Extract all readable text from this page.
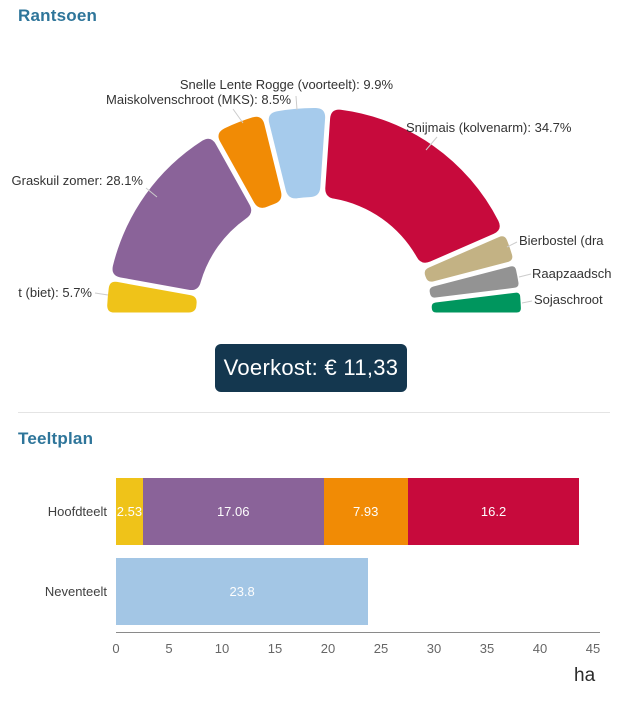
Rantsoen
t (biet): 5.7%
Graskuil zomer: 28.1%
Maiskolvenschroot (MKS): 8.5%
Snelle Lente Rogge (voorteelt): 9.9%
Snijmais (kolvenarm): 34.7%
Bierbostel (dra
Raapzaadsch
Sojaschroot
Voerkost: € 11,33
Teeltplan
Hoofdteelt 2.53	17.06	7.93	16.2
Neventeelt	23.8
0	5	10	15	20	25	30	35	40	45
ha
